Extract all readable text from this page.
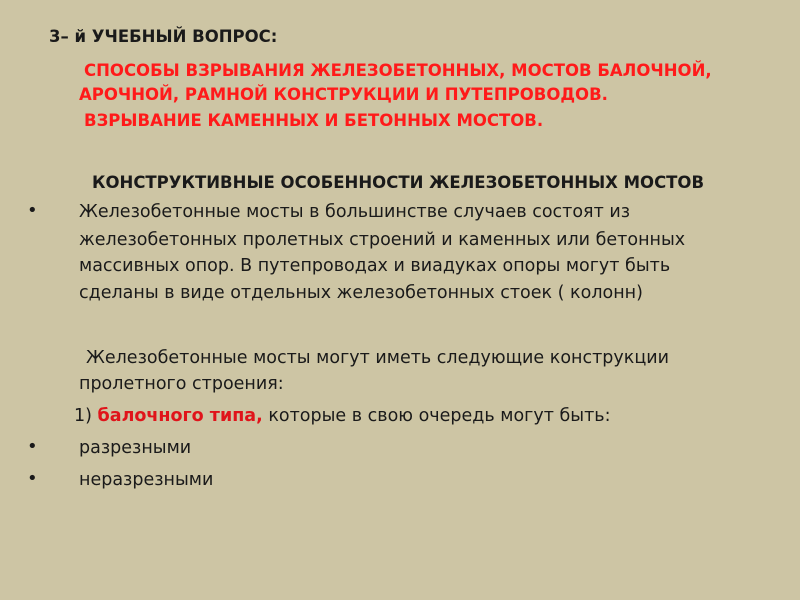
3– й УЧЕБНЫЙ ВОПРОС:
СПОСОБЫ ВЗРЫВАНИЯ ЖЕЛЕЗОБЕТОННЫХ, МОСТОВ БАЛОЧНОЙ,
АРОЧНОЙ, РАМНОЙ КОНСТРУКЦИИ И ПУТЕПРОВОДОВ.
ВЗРЫВАНИЕ КАМЕННЫХ И БЕТОННЫХ МОСТОВ.
КОНСТРУКТИВНЫЕ ОСОБЕННОСТИ ЖЕЛЕЗОБЕТОННЫХ МОСТОВ
• Железобетонные мосты в большинстве случаев состоят из
железобетонных пролетных строений и каменных или бетонных
массивных опор. В путепроводах и виадуках опоры могут быть
сделаны в виде отдельных железобетонных стоек ( колонн)
Железобетонные мосты могут иметь следующие конструкции
пролетного строения:
1) балочного типа, которые в свою очередь могут быть:
• разрезными
• неразрезными
